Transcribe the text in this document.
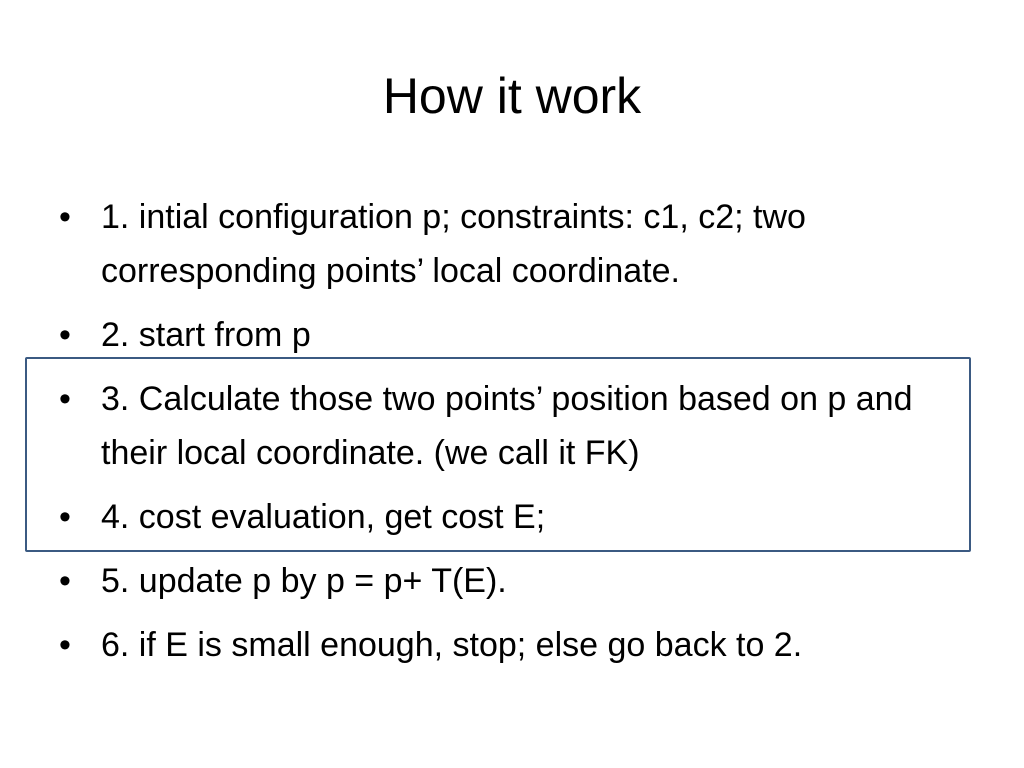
How it work
• 1. intial configuration p; constraints: c1, c2; two corresponding points’ local coordinate.
• 2. start from p
• 3. Calculate those two points’ position based on p and their local coordinate. (we call it FK)
• 4. cost evaluation, get cost E;
• 5. update p by p = p+ T(E).
• 6. if E is small enough, stop; else go back to 2.
